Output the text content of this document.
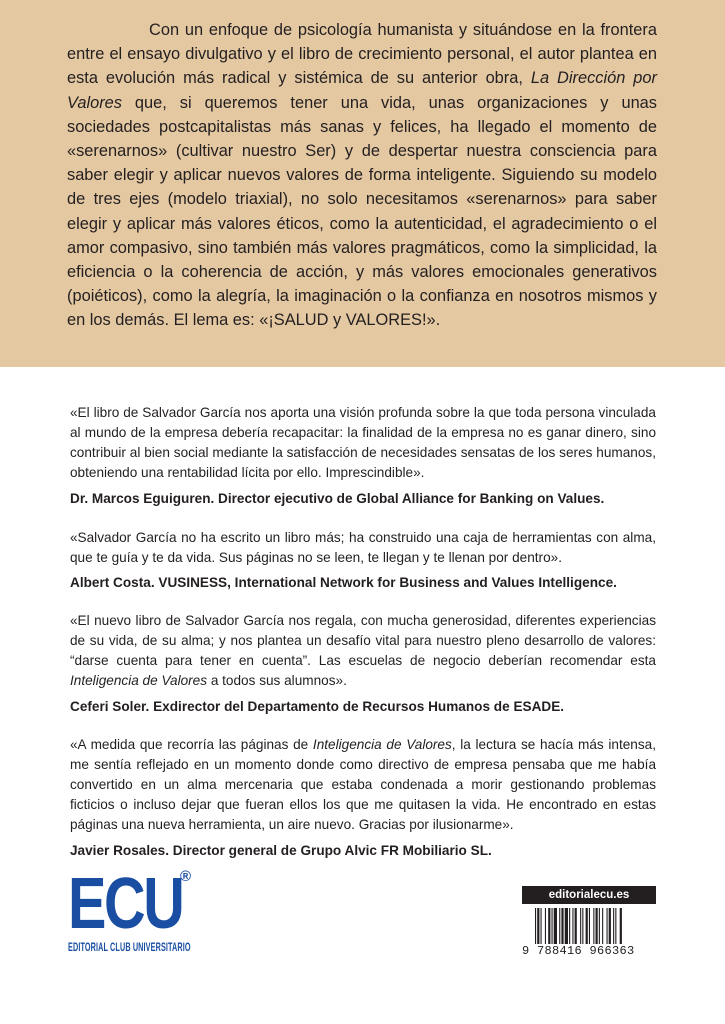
Con un enfoque de psicología humanista y situándose en la frontera entre el ensayo divulgativo y el libro de crecimiento personal, el autor plantea en esta evolución más radical y sistémica de su anterior obra, La Dirección por Valores que, si queremos tener una vida, unas organizaciones y unas sociedades postcapitalistas más sanas y felices, ha llegado el momento de «serenarnos» (cultivar nuestro Ser) y de despertar nuestra consciencia para saber elegir y aplicar nuevos valores de forma inteligente. Siguiendo su modelo de tres ejes (modelo triaxial), no solo necesitamos «serenarnos» para saber elegir y aplicar más valores éticos, como la autenticidad, el agradecimiento o el amor compasivo, sino también más valores pragmáticos, como la simplicidad, la eficiencia o la coherencia de acción, y más valores emocionales generativos (poiéticos), como la alegría, la imaginación o la confianza en nosotros mismos y en los demás. El lema es: «¡SALUD y VALORES!».

«El libro de Salvador García nos aporta una visión profunda sobre la que toda persona vinculada al mundo de la empresa debería recapacitar: la finalidad de la empresa no es ganar dinero, sino contribuir al bien social mediante la satisfacción de necesidades sensatas de los seres humanos, obteniendo una rentabilidad lícita por ello. Imprescindible».

Dr. Marcos Eguiguren. Director ejecutivo de Global Alliance for Banking on Values.

«Salvador García no ha escrito un libro más; ha construido una caja de herramientas con alma, que te guía y te da vida. Sus páginas no se leen, te llegan y te llenan por dentro».

Albert Costa. VUSINESS, International Network for Business and Values Intelligence.

«El nuevo libro de Salvador García nos regala, con mucha generosidad, diferentes experiencias de su vida, de su alma; y nos plantea un desafío vital para nuestro pleno desarrollo de valores: “darse cuenta para tener en cuenta”. Las escuelas de negocio deberían recomendar esta Inteligencia de Valores a todos sus alumnos».

Ceferi Soler. Exdirector del Departamento de Recursos Humanos de ESADE.

«A medida que recorría las páginas de Inteligencia de Valores, la lectura se hacía más intensa, me sentía reflejado en un momento donde como directivo de empresa pensaba que me había convertido en un alma mercenaria que estaba condenada a morir gestionando problemas ficticios o incluso dejar que fueran ellos los que me quitasen la vida. He encontrado en estas páginas una nueva herramienta, un aire nuevo. Gracias por ilusionarme».

Javier Rosales. Director general de Grupo Alvic FR Mobiliario SL.

ECU
®
EDITORIAL CLUB UNIVERSITARIO
editorialecu.es
9 788416 966363
